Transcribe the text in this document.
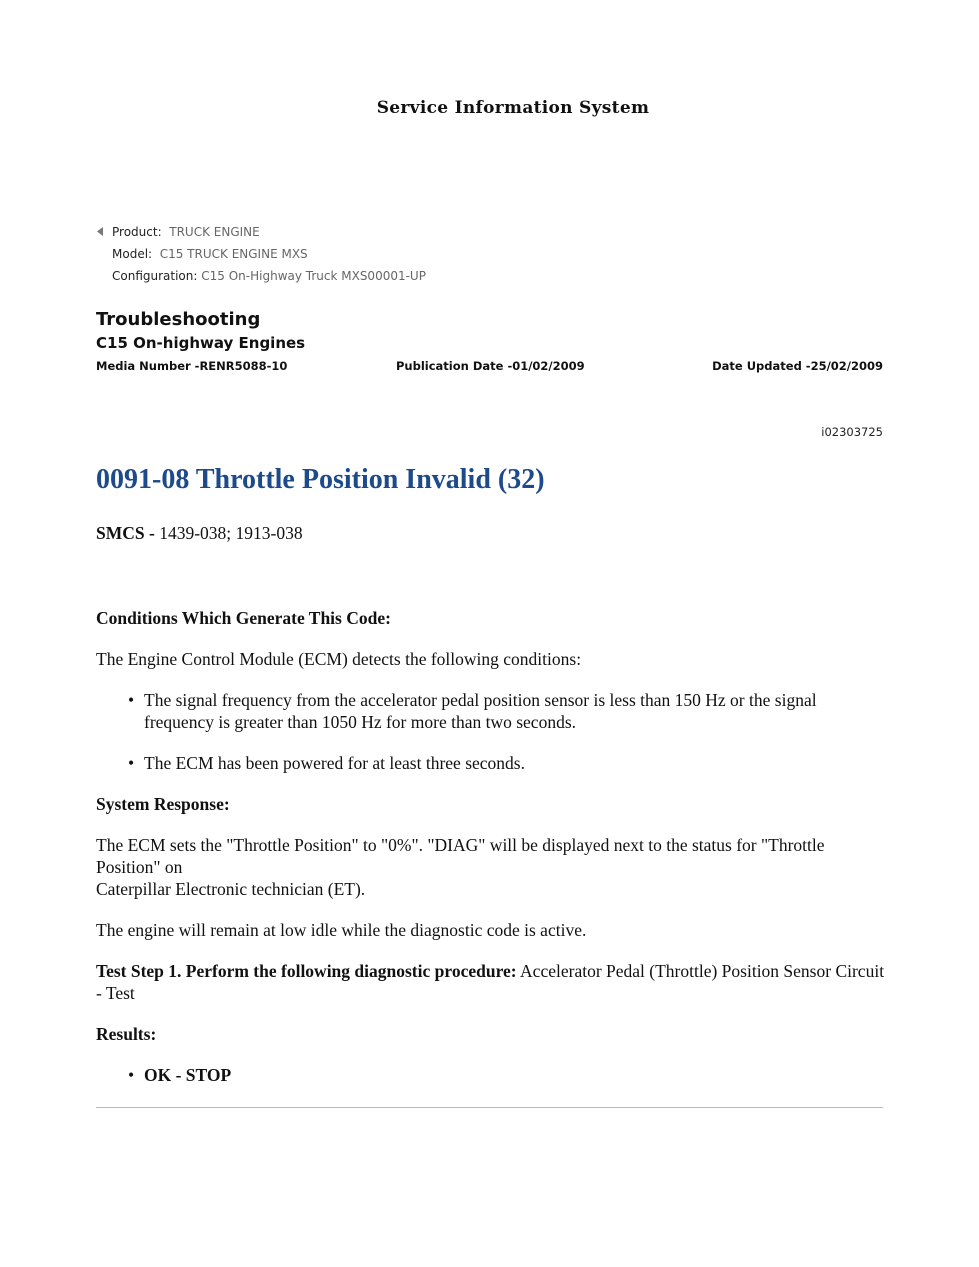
Service Information System
Product: TRUCK ENGINE
Model: C15 TRUCK ENGINE MXS
Configuration: C15 On-Highway Truck MXS00001-UP
Troubleshooting
C15 On-highway Engines
Media Number -RENR5088-10	Publication Date -01/02/2009	Date Updated -25/02/2009
i02303725
0091-08 Throttle Position Invalid (32)

SMCS - 1439-038; 1913-038

Conditions Which Generate This Code:

The Engine Control Module (ECM) detects the following conditions:

• The signal frequency from the accelerator pedal position sensor is less than 150 Hz or the signal frequency is greater than 1050 Hz for more than two seconds.
• The ECM has been powered for at least three seconds.

System Response:

The ECM sets the "Throttle Position" to "0%". "DIAG" will be displayed next to the status for "Throttle Position" on
Caterpillar Electronic technician (ET).

The engine will remain at low idle while the diagnostic code is active.

Test Step 1. Perform the following diagnostic procedure: Accelerator Pedal (Throttle) Position Sensor Circuit - Test

Results:

• OK - STOP
